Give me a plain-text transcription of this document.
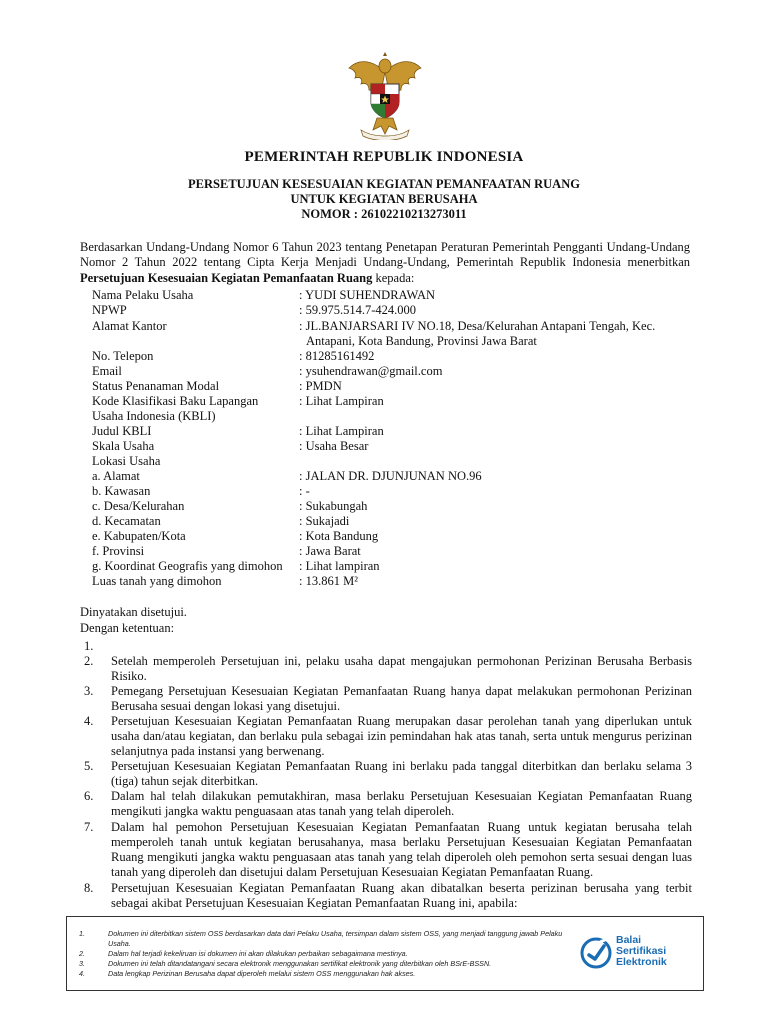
PEMERINTAH REPUBLIK INDONESIA
PERSETUJUAN KESESUAIAN KEGIATAN PEMANFAATAN RUANG
UNTUK KEGIATAN BERUSAHA
NOMOR : 26102210213273011
Berdasarkan Undang-Undang Nomor 6 Tahun 2023 tentang Penetapan Peraturan Pemerintah Pengganti Undang-Undang Nomor 2 Tahun 2022 tentang Cipta Kerja Menjadi Undang-Undang, Pemerintah Republik Indonesia menerbitkan Persetujuan Kesesuaian Kegiatan Pemanfaatan Ruang kepada:
Nama Pelaku Usaha	: YUDI SUHENDRAWAN
NPWP	: 59.975.514.7-424.000
Alamat Kantor	: JL.BANJARSARI IV NO.18, Desa/Kelurahan Antapani Tengah, Kec.
Antapani, Kota Bandung, Provinsi Jawa Barat
No. Telepon	: 81285161492
Email	: ysuhendrawan@gmail.com
Status Penanaman Modal	: PMDN
Kode Klasifikasi Baku Lapangan
Usaha Indonesia (KBLI)
: Lihat Lampiran
Judul KBLI	: Lihat Lampiran
Skala Usaha	: Usaha Besar
Lokasi Usaha
a. Alamat	: JALAN DR. DJUNJUNAN NO.96
b. Kawasan	: -
c. Desa/Kelurahan	: Sukabungah
d. Kecamatan	: Sukajadi
e. Kabupaten/Kota	: Kota Bandung
f. Provinsi	: Jawa Barat
g. Koordinat Geografis yang dimohon	: Lihat lampiran
Luas tanah yang dimohon	: 13.861 M²
Dinyatakan disetujui.
Dengan ketentuan:
1.
2. Setelah memperoleh Persetujuan ini, pelaku usaha dapat mengajukan permohonan Perizinan Berusaha Berbasis Risiko.
3. Pemegang Persetujuan Kesesuaian Kegiatan Pemanfaatan Ruang hanya dapat melakukan permohonan Perizinan Berusaha sesuai dengan lokasi yang disetujui.
4. Persetujuan Kesesuaian Kegiatan Pemanfaatan Ruang merupakan dasar perolehan tanah yang diperlukan untuk usaha dan/atau kegiatan, dan berlaku pula sebagai izin pemindahan hak atas tanah, serta untuk mengurus perizinan selanjutnya pada instansi yang berwenang.
5. Persetujuan Kesesuaian Kegiatan Pemanfaatan Ruang ini berlaku pada tanggal diterbitkan dan berlaku selama 3 (tiga) tahun sejak diterbitkan.
6. Dalam hal telah dilakukan pemutakhiran, masa berlaku Persetujuan Kesesuaian Kegiatan Pemanfaatan Ruang mengikuti jangka waktu penguasaan atas tanah yang telah diperoleh.
7. Dalam hal pemohon Persetujuan Kesesuaian Kegiatan Pemanfaatan Ruang untuk kegiatan berusaha telah memperoleh tanah untuk kegiatan berusahanya, masa berlaku Persetujuan Kesesuaian Kegiatan Pemanfaatan Ruang mengikuti jangka waktu penguasaan atas tanah yang telah diperoleh oleh pemohon serta sesuai dengan luas tanah yang diperoleh dan disetujui dalam Persetujuan Kesesuaian Kegiatan Pemanfaatan Ruang.
8. Persetujuan Kesesuaian Kegiatan Pemanfaatan Ruang akan dibatalkan beserta perizinan berusaha yang terbit sebagai akibat Persetujuan Kesesuaian Kegiatan Pemanfaatan Ruang ini, apabila:
1.	Dokumen ini diterbitkan sistem OSS berdasarkan data dari Pelaku Usaha, tersimpan dalam sistem OSS, yang menjadi tanggung jawab Pelaku Usaha.
2.	Dalam hal terjadi kekeliruan isi dokumen ini akan dilakukan perbaikan sebagaimana mestinya.
3.	Dokumen ini telah ditandatangani secara elektronik menggunakan sertifikat elektronik yang diterbitkan oleh BSrE-BSSN.
4.	Data lengkap Perizinan Berusaha dapat diperoleh melalui sistem OSS menggunakan hak akses.
Balai
Sertifikasi
Elektronik
